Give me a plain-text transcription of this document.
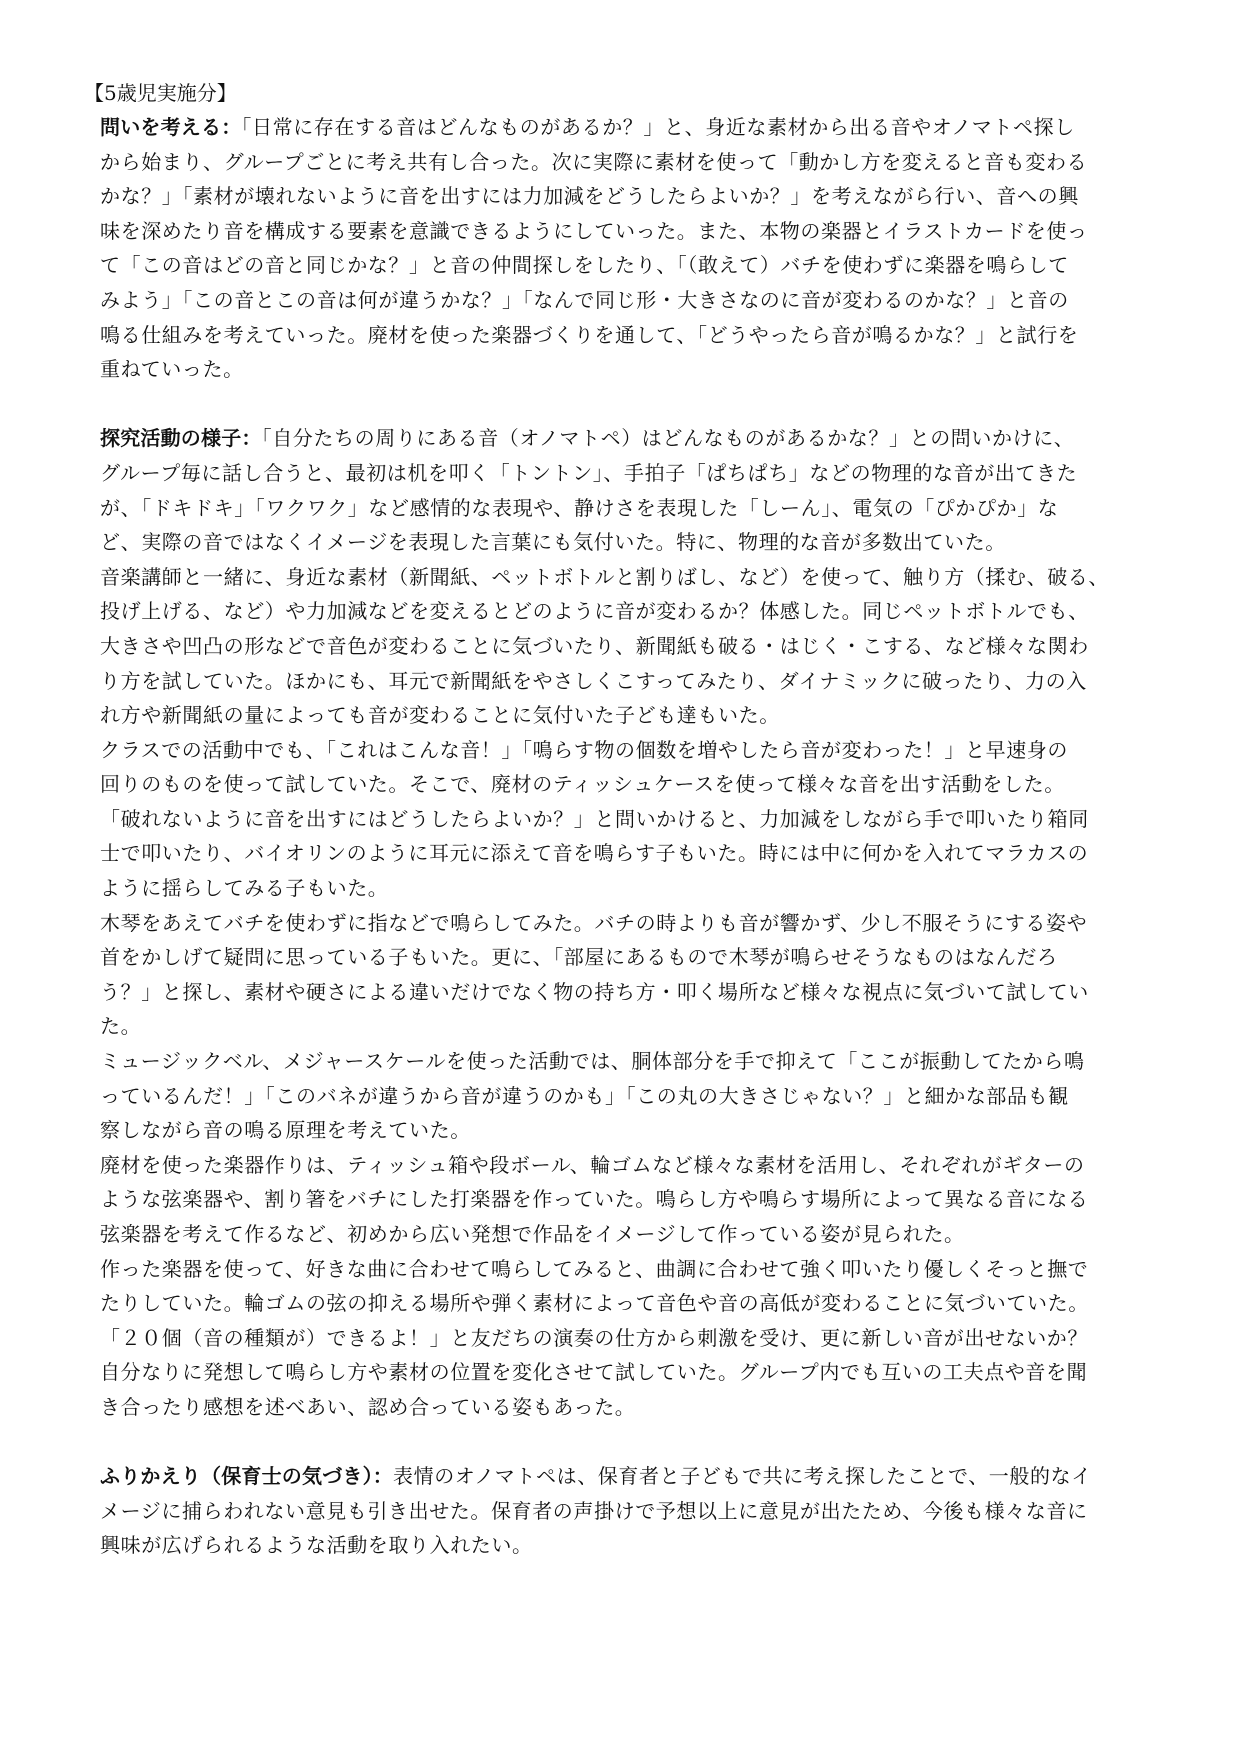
【5歳児実施分】
問いを考える：「日常に存在する音はどんなものがあるか？」と、身近な素材から出る音やオノマトペ探し
から始まり、グループごとに考え共有し合った。次に実際に素材を使って「動かし方を変えると音も変わる
かな？」「素材が壊れないように音を出すには力加減をどうしたらよいか？」を考えながら行い、音への興
味を深めたり音を構成する要素を意識できるようにしていった。また、本物の楽器とイラストカードを使っ
て「この音はどの音と同じかな？」と音の仲間探しをしたり、「（敢えて）バチを使わずに楽器を鳴らして
みよう」「この音とこの音は何が違うかな？」「なんで同じ形・大きさなのに音が変わるのかな？」と音の
鳴る仕組みを考えていった。廃材を使った楽器づくりを通して、「どうやったら音が鳴るかな？」と試行を
重ねていった。
探究活動の様子：「自分たちの周りにある音（オノマトペ）はどんなものがあるかな？」との問いかけに、
グループ毎に話し合うと、最初は机を叩く「トントン」、手拍子「ぱちぱち」などの物理的な音が出てきた
が、「ドキドキ」「ワクワク」など感情的な表現や、静けさを表現した「しーん」、電気の「ぴかぴか」な
ど、実際の音ではなくイメージを表現した言葉にも気付いた。特に、物理的な音が多数出ていた。
音楽講師と一緒に、身近な素材（新聞紙、ペットボトルと割りばし、など）を使って、触り方（揉む、破る、
投げ上げる、など）や力加減などを変えるとどのように音が変わるか？体感した。同じペットボトルでも、
大きさや凹凸の形などで音色が変わることに気づいたり、新聞紙も破る・はじく・こする、など様々な関わ
り方を試していた。ほかにも、耳元で新聞紙をやさしくこすってみたり、ダイナミックに破ったり、力の入
れ方や新聞紙の量によっても音が変わることに気付いた子ども達もいた。
クラスでの活動中でも、「これはこんな音！」「鳴らす物の個数を増やしたら音が変わった！」と早速身の
回りのものを使って試していた。そこで、廃材のティッシュケースを使って様々な音を出す活動をした。
「破れないように音を出すにはどうしたらよいか？」と問いかけると、力加減をしながら手で叩いたり箱同
士で叩いたり、バイオリンのように耳元に添えて音を鳴らす子もいた。時には中に何かを入れてマラカスの
ように揺らしてみる子もいた。
木琴をあえてバチを使わずに指などで鳴らしてみた。バチの時よりも音が響かず、少し不服そうにする姿や
首をかしげて疑問に思っている子もいた。更に、「部屋にあるもので木琴が鳴らせそうなものはなんだろ
う？」と探し、素材や硬さによる違いだけでなく物の持ち方・叩く場所など様々な視点に気づいて試してい
た。
ミュージックベル、メジャースケールを使った活動では、胴体部分を手で抑えて「ここが振動してたから鳴
っているんだ！」「このバネが違うから音が違うのかも」「この丸の大きさじゃない？」と細かな部品も観
察しながら音の鳴る原理を考えていた。
廃材を使った楽器作りは、ティッシュ箱や段ボール、輪ゴムなど様々な素材を活用し、それぞれがギターの
ような弦楽器や、割り箸をバチにした打楽器を作っていた。鳴らし方や鳴らす場所によって異なる音になる
弦楽器を考えて作るなど、初めから広い発想で作品をイメージして作っている姿が見られた。
作った楽器を使って、好きな曲に合わせて鳴らしてみると、曲調に合わせて強く叩いたり優しくそっと撫で
たりしていた。輪ゴムの弦の抑える場所や弾く素材によって音色や音の高低が変わることに気づいていた。
「２０個（音の種類が）できるよ！」と友だちの演奏の仕方から刺激を受け、更に新しい音が出せないか？
自分なりに発想して鳴らし方や素材の位置を変化させて試していた。グループ内でも互いの工夫点や音を聞
き合ったり感想を述べあい、認め合っている姿もあった。
ふりかえり（保育士の気づき）：表情のオノマトペは、保育者と子どもで共に考え探したことで、一般的なイ
メージに捕らわれない意見も引き出せた。保育者の声掛けで予想以上に意見が出たため、今後も様々な音に
興味が広げられるような活動を取り入れたい。
